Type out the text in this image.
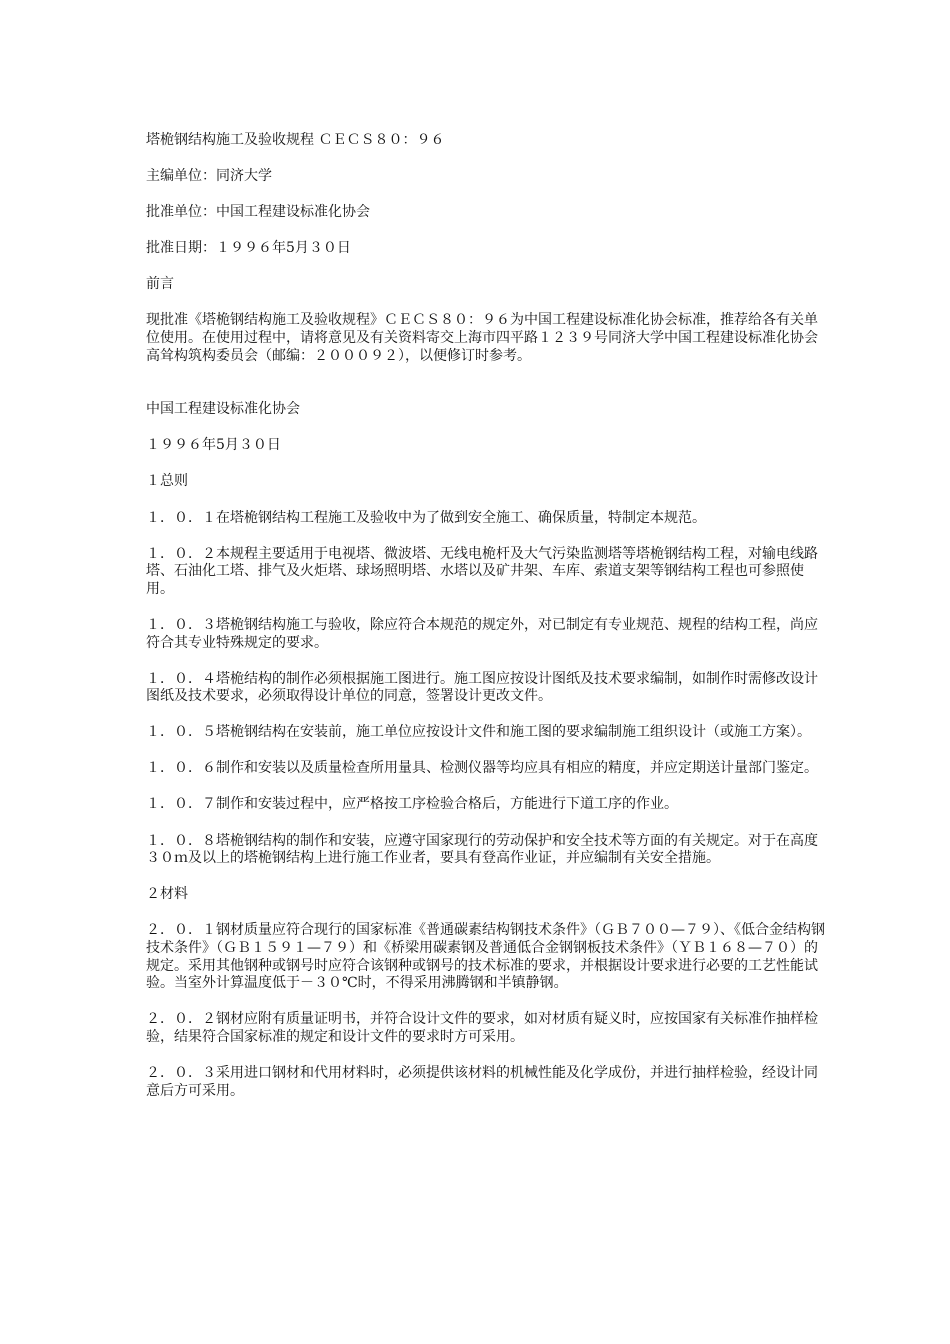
塔桅钢结构施工及验收规程 ＣＥＣＳ８０：９６

主编单位：同济大学

批准单位：中国工程建设标准化协会

批准日期：１９９６年5月３０日

前言

现批准《塔桅钢结构施工及验收规程》ＣＥＣＳ８０：９６为中国工程建设标准化协会标准，推荐给各有关单位使用。在使用过程中，请将意见及有关资料寄交上海市四平路１２３９号同济大学中国工程建设标准化协会高耸构筑构委员会（邮编：２０００９２），以便修订时参考。

中国工程建设标准化协会

１９９６年5月３０日

１总则

１．０．１在塔桅钢结构工程施工及验收中为了做到安全施工、确保质量，特制定本规范。

１．０．２本规程主要适用于电视塔、微波塔、无线电桅杆及大气污染监测塔等塔桅钢结构工程，对输电线路塔、石油化工塔、排气及火炬塔、球场照明塔、水塔以及矿井架、车库、索道支架等钢结构工程也可参照使用。

１．０．３塔桅钢结构施工与验收，除应符合本规范的规定外，对已制定有专业规范、规程的结构工程，尚应符合其专业特殊规定的要求。

１．０．４塔桅结构的制作必须根据施工图进行。施工图应按设计图纸及技术要求编制，如制作时需修改设计图纸及技术要求，必须取得设计单位的同意，签署设计更改文件。

１．０．５塔桅钢结构在安装前，施工单位应按设计文件和施工图的要求编制施工组织设计（或施工方案）。

１．０．６制作和安装以及质量检查所用量具、检测仪器等均应具有相应的精度，并应定期送计量部门鉴定。

１．０．７制作和安装过程中，应严格按工序检验合格后，方能进行下道工序的作业。

１．０．８塔桅钢结构的制作和安装，应遵守国家现行的劳动保护和安全技术等方面的有关规定。对于在高度３０ｍ及以上的塔桅钢结构上进行施工作业者，要具有登高作业证，并应编制有关安全措施。

２材料

２．０．１钢材质量应符合现行的国家标准《普通碳素结构钢技术条件》（ＧＢ７００—７９）、《低合金结构钢技术条件》（ＧＢ１５９１—７９）和《桥梁用碳素钢及普通低合金钢钢板技术条件》（ＹＢ１６８—７０）的规定。采用其他钢种或钢号时应符合该钢种或钢号的技术标准的要求，并根据设计要求进行必要的工艺性能试验。当室外计算温度低于－３０℃时，不得采用沸腾钢和半镇静钢。

２．０．２钢材应附有质量证明书，并符合设计文件的要求，如对材质有疑义时，应按国家有关标准作抽样检验，结果符合国家标准的规定和设计文件的要求时方可采用。

２．０．３采用进口钢材和代用材料时，必须提供该材料的机械性能及化学成份，并进行抽样检验，经设计同意后方可采用。
